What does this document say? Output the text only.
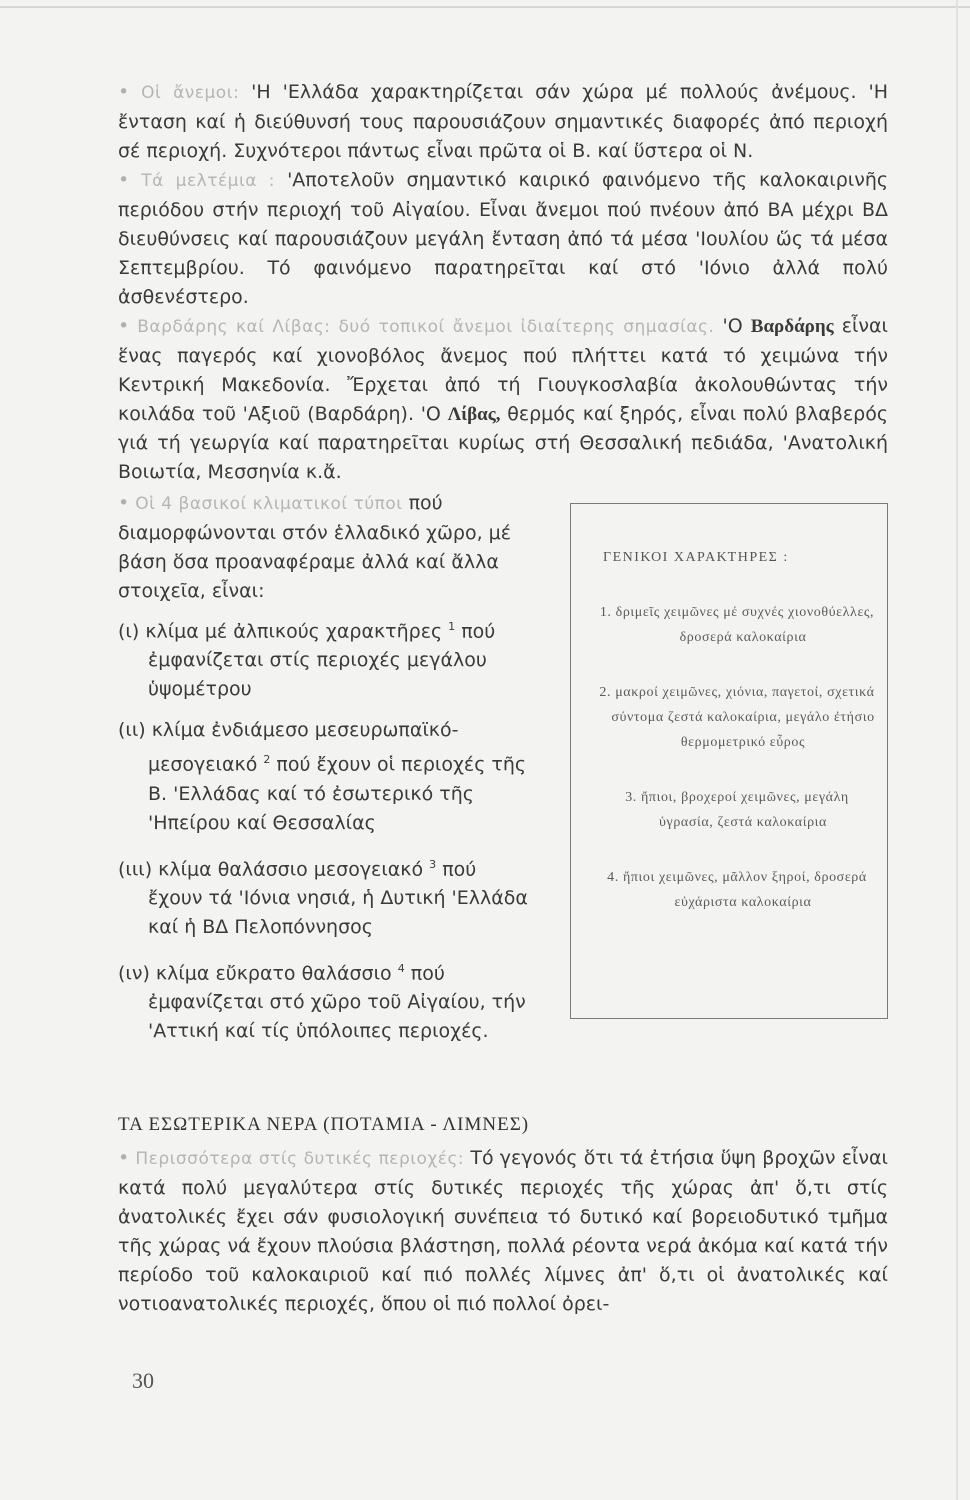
• Οἱ ἄνεμοι: 'Η 'Ελλάδα χαρακτηρίζεται σάν χώρα μέ πολλούς ἀνέμους. 'Η ἔνταση καί ἡ διεύθυνσή τους παρουσιάζουν σημαντικές διαφορές ἀπό περιοχή σέ περιοχή. Συχνότεροι πάντως εἶναι πρῶτα οἱ Β. καί ὕστερα οἱ Ν.

• Τά μελτέμια : 'Αποτελοῦν σημαντικό καιρικό φαινόμενο τῆς καλοκαιρινῆς περιόδου στήν περιοχή τοῦ Αἰγαίου. Εἶναι ἄνεμοι πού πνέουν ἀπό ΒΑ μέχρι ΒΔ διευθύνσεις καί παρουσιάζουν μεγάλη ἔνταση ἀπό τά μέσα 'Ιουλίου ὥς τά μέσα Σεπτεμβρίου. Τό φαινόμενο παρατηρεῖται καί στό 'Ιόνιο ἀλλά πολύ ἀσθενέστερο.

• Βαρδάρης καί Λίβας: δυό τοπικοί ἄνεμοι ἰδιαίτερης σημασίας. 'Ο Βαρδάρης εἶναι ἕνας παγερός καί χιονοβόλος ἄνεμος πού πλήττει κατά τό χειμώνα τήν Κεντρική Μακεδονία. Ἔρχεται ἀπό τή Γιουγκοσλαβία ἀκολουθώντας τήν κοιλάδα τοῦ 'Αξιοῦ (Βαρδάρη). 'Ο Λίβας, θερμός καί ξηρός, εἶναι πολύ βλαβερός γιά τή γεωργία καί παρατηρεῖται κυρίως στή Θεσσαλική πεδιάδα, 'Ανατολική Βοιωτία, Μεσσηνία κ.ἄ.

• Οἱ 4 βασικοί κλιματικοί τύποι πού διαμορφώνονται στόν ἑλλαδικό χῶρο, μέ βάση ὅσα προαναφέραμε ἀλλά καί ἄλλα στοιχεῖα, εἶναι:

(ι) κλίμα μέ ἀλπικούς χαρακτῆρες $^1$ πού ἐμφανίζεται στίς περιοχές μεγάλου ὑψομέτρου

(ιι) κλίμα ἐνδιάμεσο μεσευρωπαϊκό-μεσογειακό $^2$ πού ἔχουν οἱ περιοχές τῆς Β. 'Ελλάδας καί τό ἐσωτερικό τῆς 'Ηπείρου καί Θεσσαλίας

(ιιι) κλίμα θαλάσσιο μεσογειακό $^3$ πού ἔχουν τά 'Ιόνια νησιά, ἡ Δυτική 'Ελλάδα καί ἡ ΒΔ Πελοπόννησος

(ιν) κλίμα εὔκρατο θαλάσσιο $^4$ πού ἐμφανίζεται στό χῶρο τοῦ Αἰγαίου, τήν 'Αττική καί τίς ὑπόλοιπες περιοχές.

ΓΕΝΙΚΟΙ ΧΑΡΑΚΤΗΡΕΣ :
1. δριμεῖς χειμῶνες μέ συχνές χιονοθύελλες, δροσερά καλοκαίρια
2. μακροί χειμῶνες, χιόνια, παγετοί, σχετικά σύντομα ζεστά καλοκαίρια, μεγάλο ἐτήσιο θερμομετρικό εὖρος
3. ἤπιοι, βροχεροί χειμῶνες, μεγάλη ὑγρασία, ζεστά καλοκαίρια
4. ἤπιοι χειμῶνες, μᾶλλον ξηροί, δροσερά εὐχάριστα καλοκαίρια
ΤΑ ΕΣΩΤΕΡΙΚΑ ΝΕΡΑ (ΠΟΤΑΜΙΑ - ΛΙΜΝΕΣ)

• Περισσότερα στίς δυτικές περιοχές: Τό γεγονός ὅτι τά ἐτήσια ὕψη βροχῶν εἶναι κατά πολύ μεγαλύτερα στίς δυτικές περιοχές τῆς χώρας ἀπ' ὅ,τι στίς ἀνατολικές ἔχει σάν φυσιολογική συνέπεια τό δυτικό καί βορειοδυτικό τμῆμα τῆς χώρας νά ἔχουν πλούσια βλάστηση, πολλά ρέοντα νερά ἀκόμα καί κατά τήν περίοδο τοῦ καλοκαιριοῦ καί πιό πολλές λίμνες ἀπ' ὅ,τι οἱ ἀνατολικές καί νοτιοανατολικές περιοχές, ὅπου οἱ πιό πολλοί ὀρει-

30
